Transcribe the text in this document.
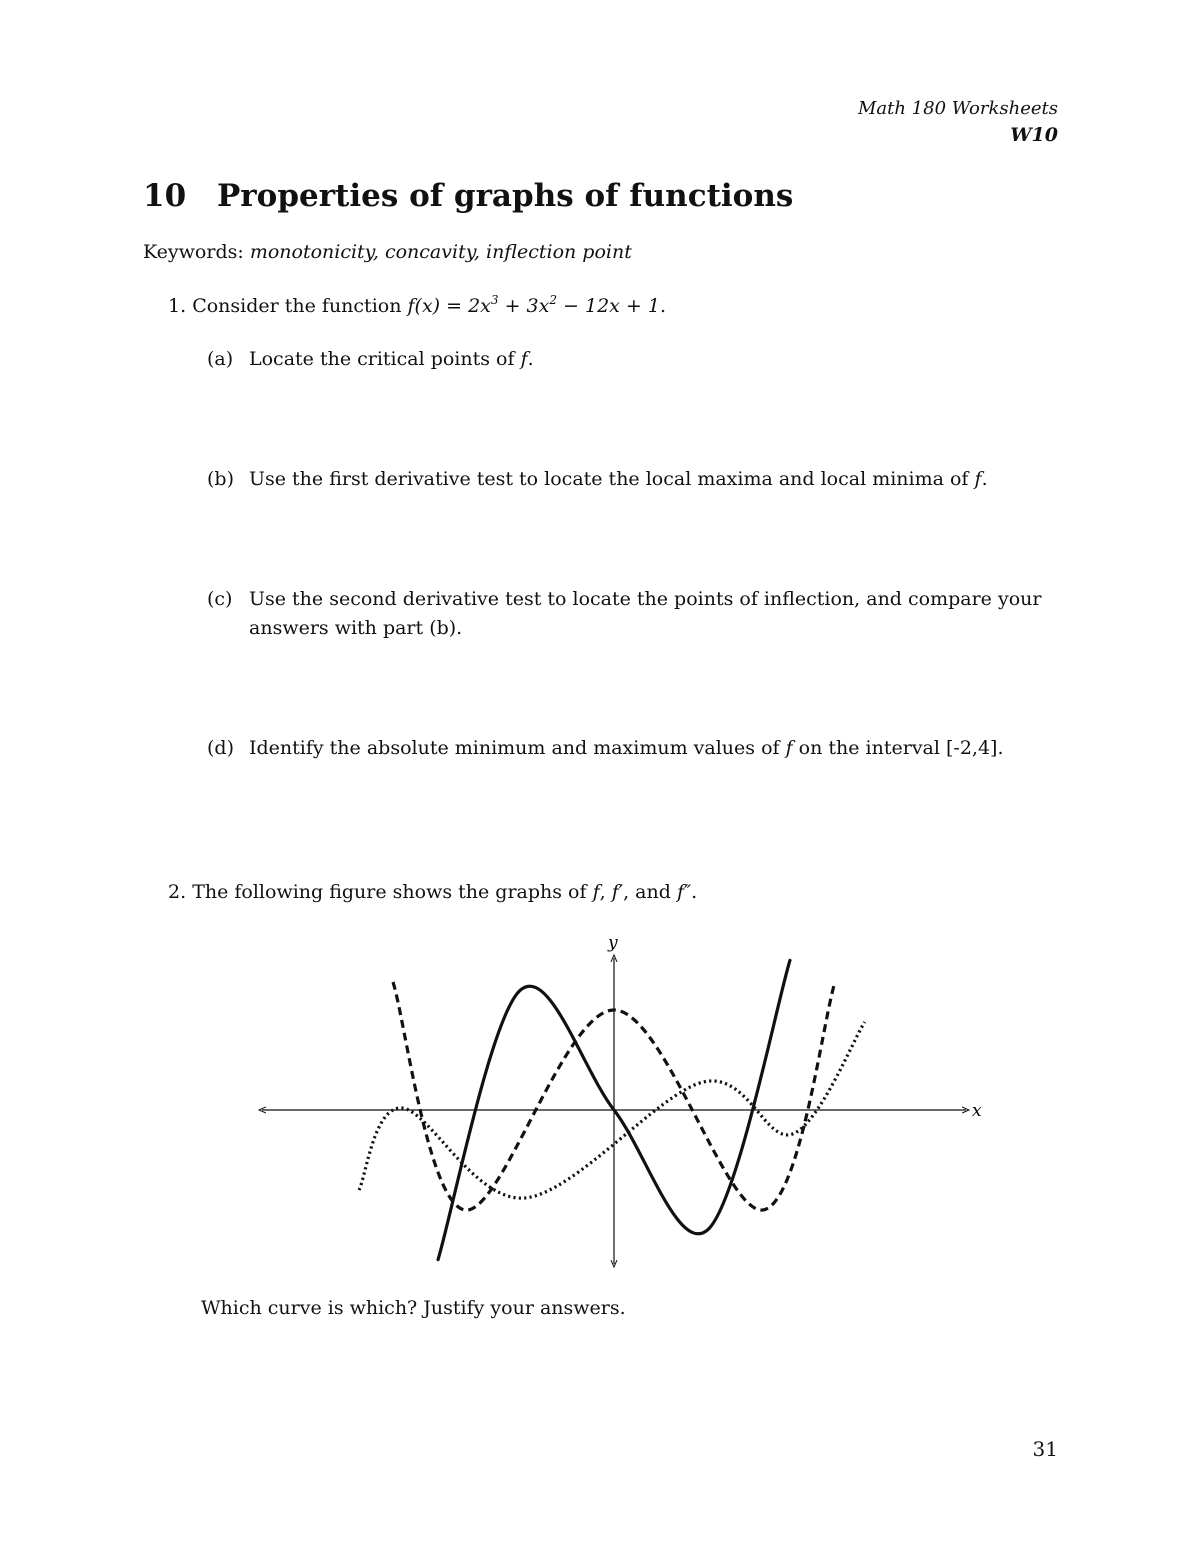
Math 180 Worksheets
W10
10 Properties of graphs of functions
Keywords: monotonicity, concavity, inflection point
1. Consider the function $f(x) = 2x^3 + 3x^2 - 12x + 1$.
(a) Locate the critical points of f.
(b) Use the first derivative test to locate the local maxima and local minima of f.
(c) Use the second derivative test to locate the points of inflection, and compare your
answers with part (b).
(d) Identify the absolute minimum and maximum values of f on the interval [-2,4].
2. The following figure shows the graphs of f, f′, and f″.
x
y
Which curve is which? Justify your answers.
31
